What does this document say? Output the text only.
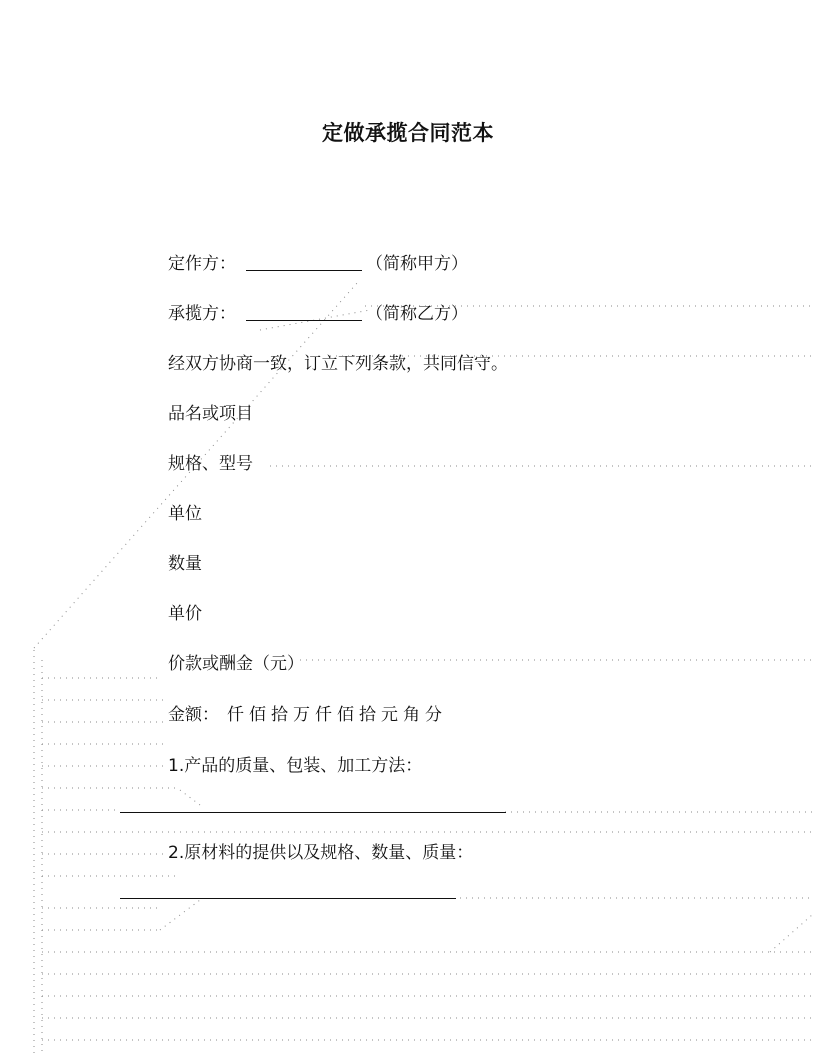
定做承揽合同范本
定作方：	（简称甲方）
承揽方：	（简称乙方）
经双方协商一致，订立下列条款，共同信守。
品名或项目
规格、型号
单位
数量
单价
价款或酬金（元）
金额： 仟佰拾万仟佰拾元角分
1.产品的质量、包装、加工方法：
2.原材料的提供以及规格、数量、质量：
